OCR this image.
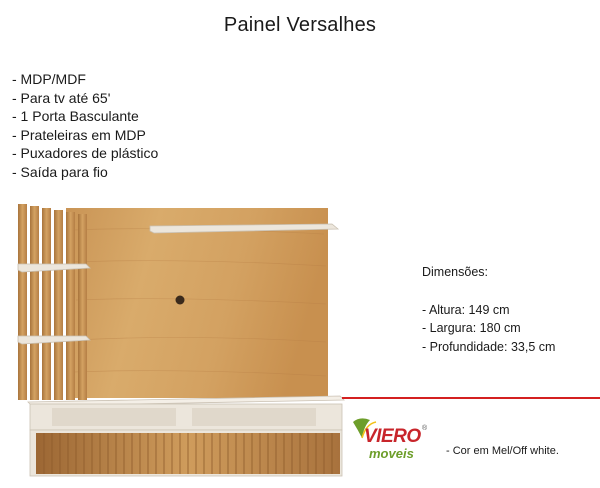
Painel Versalhes
- MDP/MDF
- Para tv até 65'
- 1 Porta Basculante
- Prateleiras em MDP
- Puxadores de plástico
- Saída para fio
Dimensões:
- Altura: 149 cm
- Largura: 180 cm
- Profundidade: 33,5 cm
VIERO ®
moveis	- Cor em Mel/Off white.
